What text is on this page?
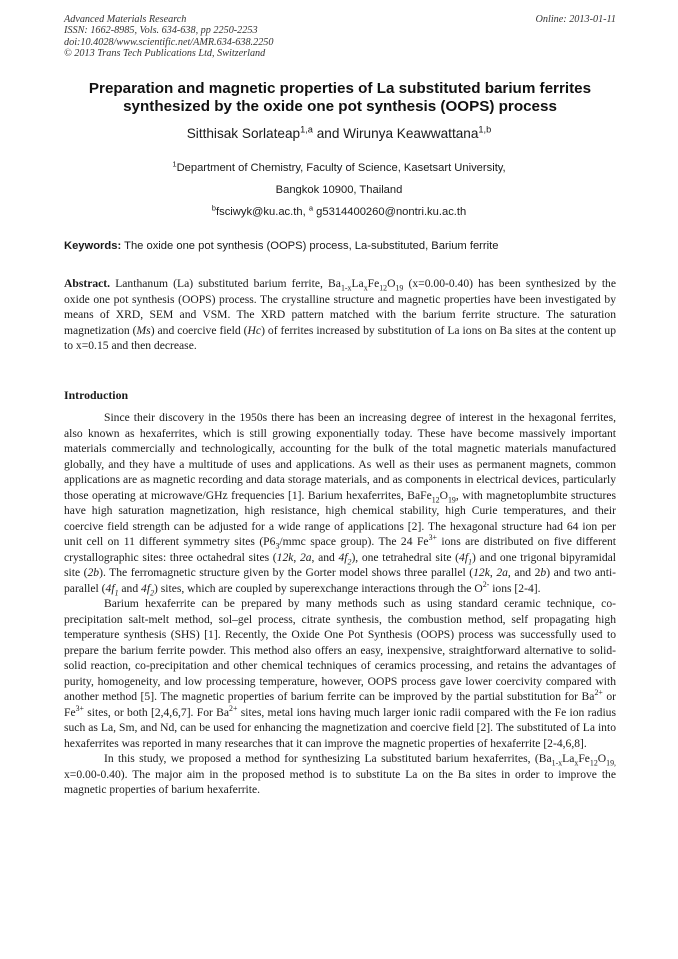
Advanced Materials Research
ISSN: 1662-8985, Vols. 634-638, pp 2250-2253
doi:10.4028/www.scientific.net/AMR.634-638.2250
© 2013 Trans Tech Publications Ltd, Switzerland
Online: 2013-01-11
Preparation and magnetic properties of La substituted barium ferrites
synthesized by the oxide one pot synthesis (OOPS) process
Sitthisak Sorlateap$^{1,a}$ and Wirunya Keawwattana$^{1,b}$
$^1$Department of Chemistry, Faculty of Science, Kasetsart University,
Bangkok 10900, Thailand
$^b$fsciwyk@ku.ac.th, $^a$ g5314400260@nontri.ku.ac.th
Keywords: The oxide one pot synthesis (OOPS) process, La-substituted, Barium ferrite
Abstract. Lanthanum (La) substituted barium ferrite, $Ba_{1-x}La_xFe_{12}O_{19}$ (x=0.00-0.40) has been synthesized by the oxide one pot synthesis (OOPS) process. The crystalline structure and magnetic properties have been investigated by means of XRD, SEM and VSM. The XRD pattern matched with the barium ferrite structure. The saturation magnetization (Ms) and coercive field (Hc) of ferrites increased by substitution of La ions on Ba sites at the content up to x=0.15 and then decrease.
Introduction

Since their discovery in the 1950s there has been an increasing degree of interest in the hexagonal ferrites, also known as hexaferrites, which is still growing exponentially today. These have become massively important materials commercially and technologically, accounting for the bulk of the total magnetic materials manufactured globally, and they have a multitude of uses and applications. As well as their uses as permanent magnets, common applications are as magnetic recording and data storage materials, and as components in electrical devices, particularly those operating at microwave/GHz frequencies [1]. Barium hexaferrites, $BaFe_{12}O_{19}$, with magnetoplumbite structures have high saturation magnetization, high resistance, high chemical stability, high Curie temperatures, and their coercive field strength can be adjusted for a wide range of applications [2]. The hexagonal structure had 64 ion per unit cell on 11 different symmetry sites ($P6_3$/mmc space group). The 24 $Fe^{3+}$ ions are distributed on five different crystallographic sites: three octahedral sites (12k, 2a, and $4f_2$), one tetrahedral site $(4f_1)$ and one trigonal bipyramidal site (2b). The ferromagnetic structure given by the Gorter model shows three parallel (12k, 2a, and 2b) and two anti-parallel ($4f_1$ and $4f_2$) sites, which are coupled by superexchange interactions through the $O^{2-}$ ions [2-4].

Barium hexaferrite can be prepared by many methods such as using standard ceramic technique, co-precipitation salt-melt method, sol–gel process, citrate synthesis, the combustion method, self propagating high temperature synthesis (SHS) [1]. Recently, the Oxide One Pot Synthesis (OOPS) process was successfully used to prepare the barium ferrite powder. This method also offers an easy, inexpensive, straightforward alternative to solid-solid reaction, co-precipitation and other chemical techniques of ceramics processing, and retains the advantages of purity, homogeneity, and low processing temperature, however, OOPS process gave lower coercivity compared with another method [5]. The magnetic properties of barium ferrite can be improved by the partial substitution for $Ba^{2+}$ or $Fe^{3+}$ sites, or both [2,4,6,7]. For $Ba^{2+}$ sites, metal ions having much larger ionic radii compared with the Fe ion radius such as La, Sm, and Nd, can be used for enhancing the magnetization and coercive field [2]. The substituted of La into hexaferrites was reported in many researches that it can improve the magnetic properties of hexaferrite [2-4,6,8].

In this study, we proposed a method for synthesizing La substituted barium hexaferrites, ($Ba_{1-x}La_xFe_{12}O_{19,}$ x=0.00-0.40). The major aim in the proposed method is to substitute La on the Ba sites in order to improve the magnetic properties of barium hexaferrite.
